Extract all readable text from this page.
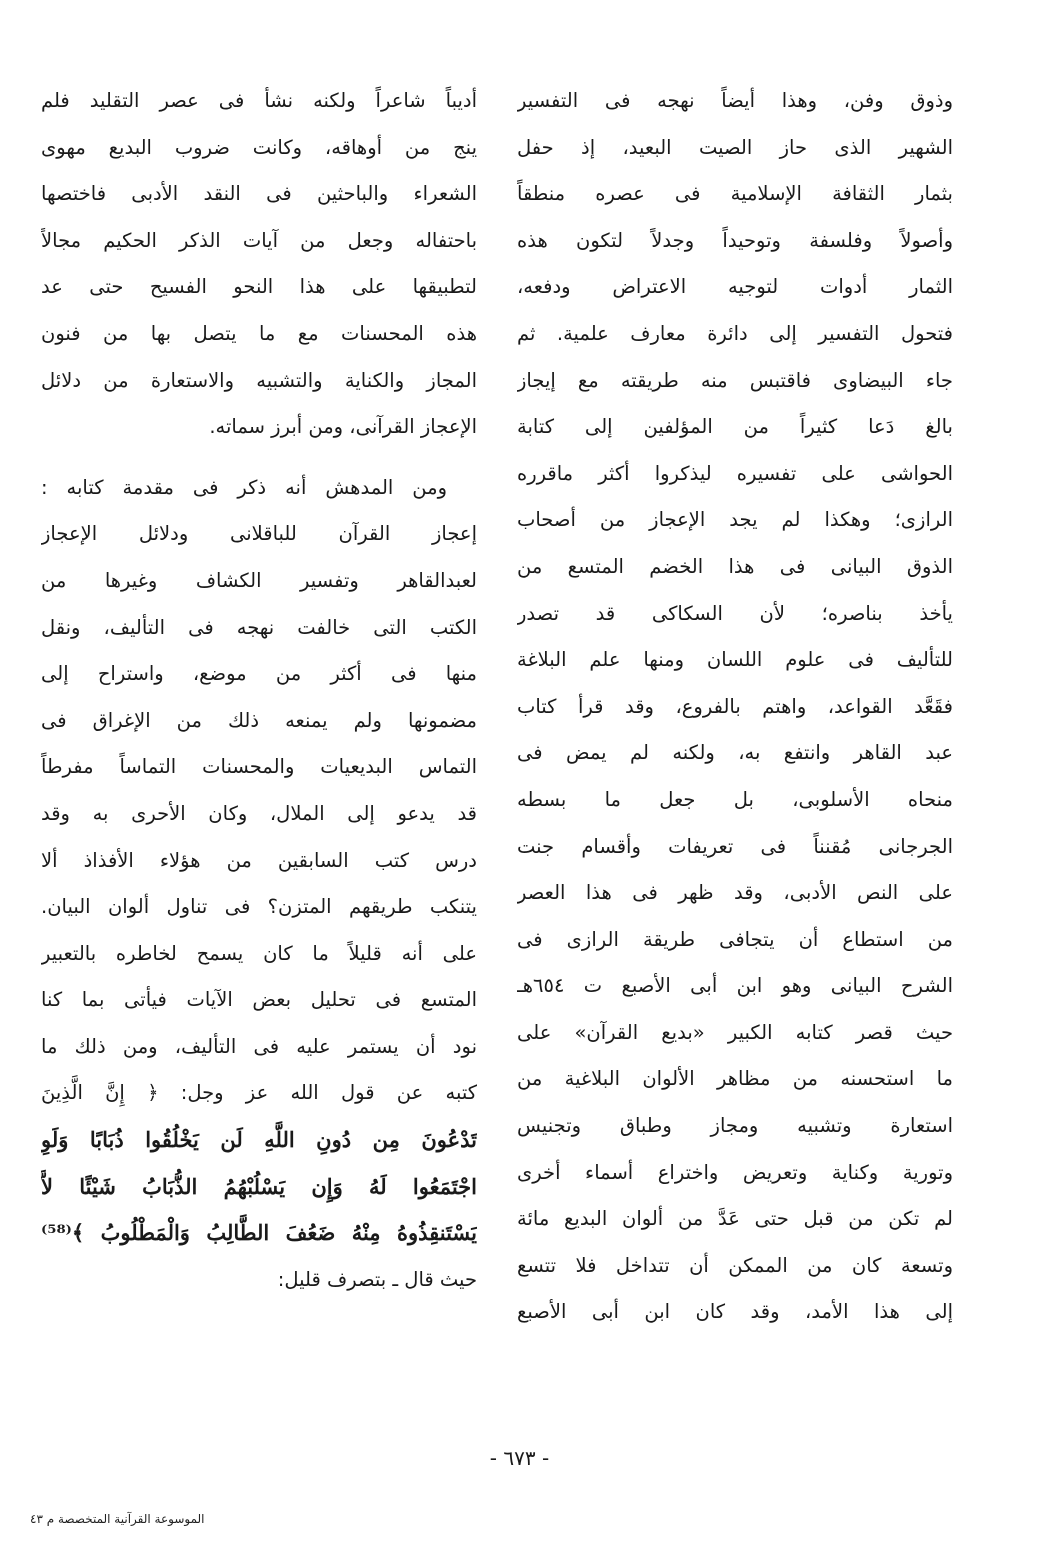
وذوق وفن، وهذا أيضاً نهجه فى التفسير
الشهير الذى حاز الصيت البعيد، إذ حفل
بثمار الثقافة الإسلامية فى عصره منطقاً
وأصولاً وفلسفة وتوحيداً وجدلاً لتكون هذه
الثمار أدوات لتوجيه الاعتراض ودفعه،
فتحول التفسير إلى دائرة معارف علمية. ثم
جاء البيضاوى فاقتبس منه طريقته مع إيجاز
بالغ دَعا كثيراً من المؤلفين إلى كتابة
الحواشى على تفسيره ليذكروا أكثر ماقرره
الرازى؛ وهكذا لم يجد الإعجاز من أصحاب
الذوق البيانى فى هذا الخضم المتسع من
يأخذ بناصره؛ لأن السكاكى قد تصدر
للتأليف فى علوم اللسان ومنها علم البلاغة
فقَعَّد القواعد، واهتم بالفروع، وقد قرأ كتاب
عبد القاهر وانتفع به، ولكنه لم يمض فى
منحاه الأسلوبى، بل جعل ما بسطه
الجرجانى مُقنناً فى تعريفات وأقسام جنت
على النص الأدبى، وقد ظهر فى هذا العصر
من استطاع أن يتجافى طريقة الرازى فى
الشرح البيانى وهو ابن أبى الأصبع ت ٦٥٤هـ
حيث قصر كتابه الكبير «بديع القرآن» على
ما استحسنه من مظاهر الألوان البلاغية من
استعارة وتشبيه ومجاز وطباق وتجنيس
وتورية وكناية وتعريض واختراع أسماء أخرى
لم تكن من قبل حتى عَدَّ من ألوان البديع مائة
وتسعة كان من الممكن أن تتداخل فلا تتسع
إلى هذا الأمد، وقد كان ابن أبى الأصبع
أديباً شاعراً ولكنه نشأ فى عصر التقليد فلم
ينج من أوهاقه، وكانت ضروب البديع مهوى
الشعراء والباحثين فى النقد الأدبى فاختصها
باحتفاله وجعل من آيات الذكر الحكيم مجالاً
لتطبيقها على هذا النحو الفسيح حتى عد
هذه المحسنات مع ما يتصل بها من فنون
المجاز والكناية والتشبيه والاستعارة من دلائل
الإعجاز القرآنى، ومن أبرز سماته.
ومن المدهش أنه ذكر فى مقدمة كتابه :
إعجاز القرآن للباقلانى ودلائل الإعجاز
لعبدالقاهر وتفسير الكشاف وغيرها من
الكتب التى خالفت نهجه فى التأليف، ونقل
منها فى أكثر من موضع، واستراح إلى
مضمونها ولم يمنعه ذلك من الإغراق فى
التماس البديعيات والمحسنات التماساً مفرطاً
قد يدعو إلى الملال، وكان الأحرى به وقد
درس كتب السابقين من هؤلاء الأفذاذ ألا
يتنكب طريقهم المتزن؟ فى تناول ألوان البيان.
على أنه قليلاً ما كان يسمح لخاطره بالتعبير
المتسع فى تحليل بعض الآيات فيأتى بما كنا
نود أن يستمر عليه فى التأليف، ومن ذلك ما
كتبه عن قول الله عز وجل: ﴿ إِنَّ الَّذِينَ
تَدْعُونَ مِن دُونِ اللَّهِ لَن يَخْلُقُوا ذُبَابًا وَلَوِ
اجْتَمَعُوا لَهُ وَإِن يَسْلُبْهُمُ الذُّبَابُ شَيْئًا لاَّ
يَسْتَنقِذُوهُ مِنْهُ ضَعُفَ الطَّالِبُ وَالْمَطْلُوبُ ﴾⁽⁵⁸⁾
حيث قال ـ بتصرف قليل:
- ٦٧٣ -
الموسوعة القرآنية المتخصصة م ٤٣
